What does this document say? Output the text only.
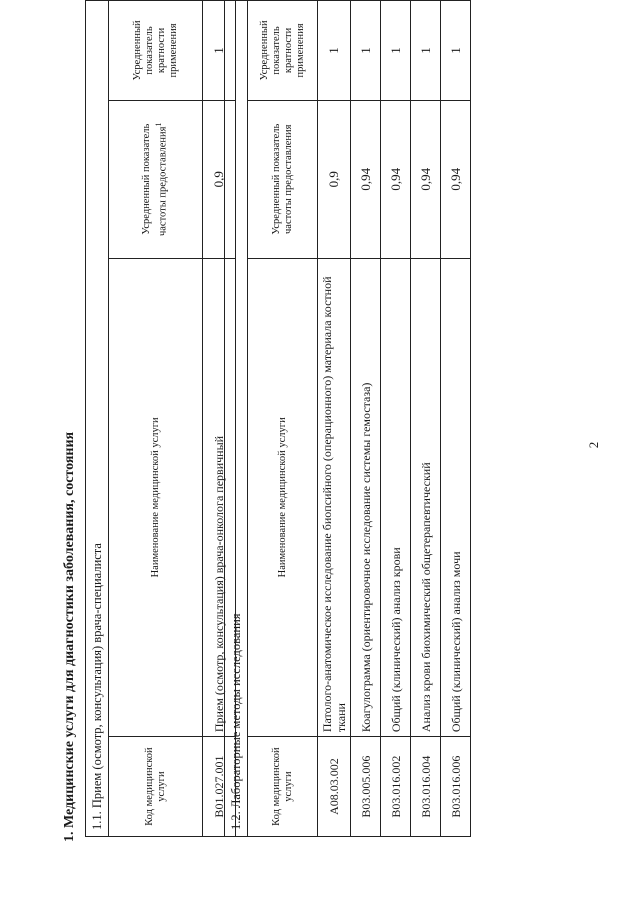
2
1. Медицинские услуги для диагностики заболевания, состояния 1.1. Прием (осмотр, консультация) врача-специалиста			
Код медицинской услуги	Наименование медицинской услуги	Усредненный показатель частоты предоставления$^1$	Усредненный показатель кратности применения
B01.027.001	Прием (осмотр, консультация) врача-онколога первичный	0,9	1
1.2. Лабораторные методы исследования			
Код медицинской услуги	Наименование медицинской услуги	Усредненный показатель частоты предоставления	Усредненный показатель кратности применения
A08.03.002	Патолого-анатомическое исследование биопсийного (операционного) материала костной ткани	0,9	1
B03.005.006	Коагулограмма (ориентировочное исследование системы гемостаза)	0,94	1
B03.016.002	Общий (клинический) анализ крови	0,94	1
B03.016.004	Анализ крови биохимический общетерапевтический	0,94	1
B03.016.006	Общий (клинический) анализ мочи	0,94	1
